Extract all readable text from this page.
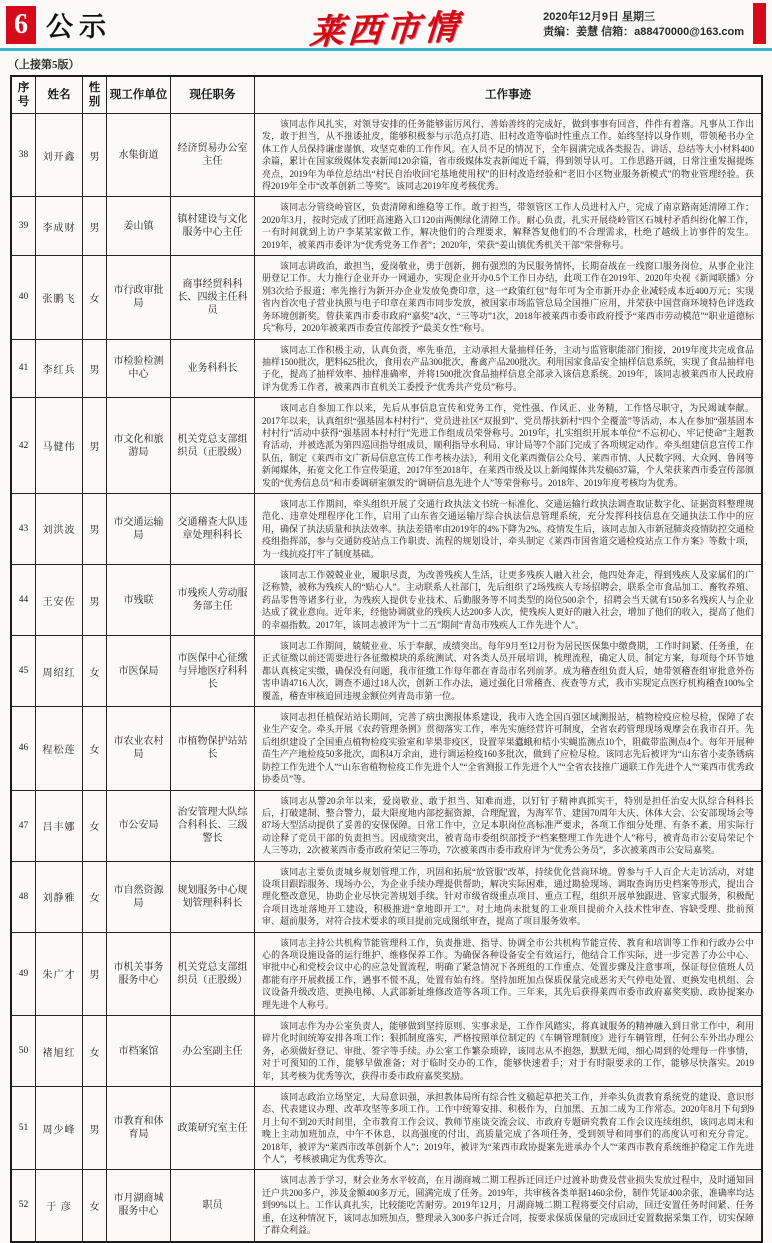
6 公示	莱西市情	2020年12月9日 星期三
责编：姜慧 信箱：a88470000@163.com
（上接第5版）
序号	姓名	性别	现工作单位	现任职务	工作事迹
38	刘开鑫	男	水集街道	经济贸易办公室主任	该同志作风扎实，对领导安排的任务能够雷厉风行、善始善终的完成好，做到事事有回音，件件有着落。凡事从工作出发，敢于担当，从不推诿扯皮，能够积极参与示范点打造、旧村改造等临时性重点工作。始终坚持以身作则，带领秘书办全体工作人员保持谦虚谨慎、攻坚克难的工作作风。在人员不足的情况下，全年圆满完成各类报告、讲话、总结等大小材料400余篇，累计在国家级媒体发表新闻120余篇，省市级媒体发表新闻近千篇，得到领导认可。工作思路开阔，日常注重发掘提炼亮点，2019年为单位总结出“村民自治收回宅基地使用权”的旧村改造经验和“老旧小区物业服务新模式”的物业管理经验。获得2019年全市“改革创新二等奖”。该同志2019年度考核优秀。

39	李成财	男	姜山镇	镇村建设与文化服务中心主任	该同志分管绕岭管区，负责清障和维稳等工作。敢于担当，带领管区工作人员进村入户，完成了南京路南延清障工作；2020年3月，按时完成了团旺高速路入口120亩两侧绿化清障工作。耐心负责，扎实开展绕岭管区石城村矛盾纠纷化解工作，一有时间就到上访户李某某家做工作，解决他们的合理要求，解释答复他们的不合理需求，杜绝了越级上访事件的发生。2019年，被莱西市委评为“优秀党务工作者”；2020年，荣获“姜山镇优秀机关干部”荣誉称号。

40	张鹏飞	女	市行政审批局	商事经贸科科长、四级主任科员	该同志讲政治，敢担当，爱岗敬业，勇于创新，拥有强烈的为民服务情怀，长期奋战在一线窗口服务岗位，从事企业注册登记工作。大力推行企业开办一网通办，实现企业开办0.5个工作日办结，此项工作在2019年、2020年央视《新闻联播》分别3次给予报道；率先推行为新开办企业发放免费印章，这一“政策红包”每年可为全市新开办企业减轻成本近400万元；实现省内首次电子营业执照与电子印章在莱西市同步发放，被国家市场监管总局全国推广应用，并荣获中国营商环境特色评选政务环境创新奖。曾获莱西市委市政府“嘉奖”4次、“三等功”1次，2018年被莱西市委市政府授予“莱西市劳动模范”“职业道德标兵”称号，2020年被莱西市委宣传部授予“最美女性”称号。

41	李红兵	男	市检验检测中心	业务科科长	该同志工作积极主动，认真负责，率先垂范，主动承担大量抽样任务，主动与监管职能部门衔接，2019年度共完成食品抽样1500批次，肥料625批次，食用农产品300批次，畜禽产品200批次。利用国家食品安全抽样信息系统，实现了食品抽样电子化，提高了抽样效率、抽样准确率，并将1500批次食品抽样信息全部录入该信息系统。2019年，该同志被莱西市人民政府评为优秀工作者，被莱西市直机关工委授予“优秀共产党员”称号。

42	马健伟	男	市文化和旅游局	机关党总支部组织员（正股级）	该同志自参加工作以来，先后从事信息宣传和党务工作，党性强、作风正、业务精，工作恪尽职守，为民竭诚奉献。2017年以来，认真组织“强基固本村村行”、党员进社区“双报到”、党员帮扶新村“四个全覆盖”等活动，本人在参加“强基固本村村行”活动中获得“强基固本村村行”先进工作组成员荣誉称号。2019年，扎实组织开展本单位“不忘初心、牢记使命”主题教育活动，并被选派为第四巡回指导组成员，顺利指导水利局、审计局等7个部门完成了各项规定动作。牵头组建信息宣传工作队伍，制定《莱西市文广新局信息宣传工作考核办法》，利用文化莱西微信公众号、莱西市情、人民数字网、大众网、鲁网等新闻媒体，拓宽文化工作宣传渠道，2017年至2018年，在莱西市级及以上新闻媒体共发稿637篇，个人荣获莱西市委宣传部颁发的“优秀信息员”和市委调研室颁发的“调研信息先进个人”等荣誉称号。2018年、2019年度考核均为优秀。

43	刘洪波	男	市交通运输局	交通稽查大队违章处理科科长	该同志工作期间，牵头组织开展了交通行政执法文书统一标准化、交通运输行政执法调查取证数字化、证据资料整理规范化、违章处理程序化工作，启用了山东省交通运输厅综合执法信息管理系统，充分发挥科技信息在交通执法工作中的应用，确保了执法质量和执法效率。执法差错率由2019年的4%下降为2%。疫情发生后，该同志加入市新冠肺炎疫情防控交通检疫组指挥部，参与交通防疫站点工作职责、流程的规划设计，牵头制定《莱西市国省道交通检疫站点工作方案》等数十项，为一线抗疫打牢了制度基础。

44	王安佐	男	市残联	市残疾人劳动服务部主任	该同志工作兢兢业业，履职尽责，为改善残疾人生活，让更多残疾人融入社会，他四处奔走，得到残疾人及家属们的广泛称赞，被称为残疾人的“贴心人”。主动联系人社部门，先后组织了2场残疾人专场招聘会，联系全市食品加工、畜牧养殖、药品零售等诸多行业，为残疾人提供专业技术、后勤服务等不同类型的岗位500余个，招聘会当天就有150多名残疾人与企业达成了就业意向。近年来，经他协调就业的残疾人达200多人次，使残疾人更好的融入社会，增加了他们的收入，提高了他们的幸福指数。2017年，该同志被评为“十二五”期间“青岛市残疾人工作先进个人”。

45	周绍红	女	市医保局	市医保中心征缴与异地医疗科科长	该同志工作期间，兢兢业业、乐于奉献，成绩突出。每年9月至12月份为居民医保集中缴费期，工作时间紧、任务重，在正式征缴以前还需要进行各征缴模块的系统测试、对各类人员开展培训，梳理流程，确定人员，制定方案，每项每个环节她都认真核定实缴，确保没有问题，我市征缴工作每年都在青岛市名列前茅。成为稽查组负责人后，她带领稽查组审批意外伤害申请4716人次，调查不通过18人次，创新工作办法，通过强化日常稽查、夜查等方式，我市实现定点医疗机构稽查100%全覆盖，稽查审核追回违规金额位列青岛市第一位。

46	程松莲	女	市农业农村局	市植物保护站站长	该同志担任植保站站长期间，完善了病虫测报体系建设，我市入选全国百强区域测报站，植物检疫应检尽检，保障了农业生产安全。牵头开展《农药管理条例》贯彻落实工作，率先实施经营许可制度，全省农药管理现场观摩会在我市召开。先后组织建设了全国重点植物检疫实验室和苹果非疫区，设置苹果蠹蛾和桔小实蝇监测点10个，阻截带监测点4个。每年开展种苗生产产地检疫50多批次，面积4万余亩，进行调运检疫160多批次，做到了应检尽检。该同志先后被评为“山东省小麦条锈病防控工作先进个人”“山东省植物检疫工作先进个人”“全省测报工作先进个人”“全省农技推广通联工作先进个人”“莱西市优秀政协委员”等。

47	吕丰娜	女	市公安局	治安管理大队综合科科长、三级警长	该同志从警20余年以来，爱岗敬业、敢于担当、知难而进，以钉钉子精神真抓实干，特别是担任治安大队综合科科长后，打破建制、整合警力，最大限度地内部挖掘资源，合理配置，为海军节、建国70周年大庆、休体大会、公安部现场会等87场大型活动提供了妥善的安保保障。日常工作中，立足本职岗位高标准严要求，各项工作细分处理、有条不紊，用实际行动诠释了党员干部的负责担当。因成绩突出，被青岛市委组织部授予“档案整理工作先进个人”称号，被青岛市公安局荣记个人三等功，2次被莱西市委市政府荣记三等功，7次被莱西市委市政府评为“优秀公务员”，多次被莱西市公安局嘉奖。

48	刘静雅	女	市自然资源局	规划服务中心规划管理科科长	该同志主要负责城乡规划管理工作，巩固和拓展“放管服”改革，持续优化营商环境。曾参与千人百企大走访活动，对建设项目跟踪服务、现场办公，为企业手续办理提供帮助，解决实际困难，通过勘验现场、调取查询历史档案等形式，提出合理化整改意见，协助企业尽快完善规划手续。针对市级省级重点项目、重点工程，组织开展单独跟进、管家式服务，积极配合项目选址落地开工建设，积极推进“拿地即开工”。对土地尚未批复的工业项目提前介入技术性审查、容缺受理、批前预审、超前服务，对符合技术要求的项目提前完成图纸审查，提高了项目服务效率。

49	朱广才	男	市机关事务服务中心	机关党总支部组织员（正股级）	该同志主持公共机构节能管理科工作，负责推进、指导、协调全市公共机构节能宣传、教育和培训等工作和行政办公中心的各项设施设备的运行维护、维修保养工作。为确保各种设备安全有效运行，他结合工作实际，进一步完善了办公中心、审批中心和党校会议中心的应急处置流程，明确了紧急情况下各班组的工作重点、处置步骤及注意事项，保证每位值班人员都能有序开展救援工作，遇事不慌不乱，处置有始有终。坚持加班加点保质保量完成恶劣天气停电处置、更换发电机组、会议设备升级改造、更换电梯、人武部新址维修改造等各项工作。三年来，其先后获得莱西市委市政府嘉奖奖励、政协提案办理先进个人称号。

50	褚旭红	女	市档案馆	办公室副主任	该同志作为办公室负责人，能够做到坚持原则、实事求是，工作作风踏实，将真诚服务的精神融入到日常工作中，利用碎片化时间统筹安排各项工作；狠抓制度落实，严格按照单位制定的《车辆管理制度》进行车辆管理，任何公车外出办理公务，必须做好登记、审批、签字等手续。办公室工作繁杂琐碎，该同志从不抱怨，默默无闻，细心周到的处理每一件事情，对于可预知的工作，能够早做准备；对于临时交办的工作，能够快速着手；对于有时限要求的工作，能够尽快落实。2019年，其考核为优秀等次，获得市委市政府嘉奖奖励。

51	周少峰	男	市教育和体育局	政策研究室主任	该同志政治立场坚定，大局意识强，承担教体局所有综合性文稿起草把关工作，并牵头负责教育系统党的建设、意识形态、代表建议办理、改革攻坚等多项工作。工作中统筹安排、积极作为，白加黑、五加二成为工作常态。2020年8月下旬到9月上旬不到20天时间里，全市教育工作会议、教师节座谈交流会议、市政府专题研究教育工作会议连续组织，该同志周末和晚上主动加班加点，中午不休息，以高强度的付出，高质量完成了各项任务，受到领导和同事们的高度认可和充分肯定。2018年，被评为“莱西市改革创新个人”；2019年，被评为“莱西市政协提案先进承办个人”“莱西市教育系统维护稳定工作先进个人”，考核被确定为优秀等次。

52	于 彦	女	市月湖商城服务中心	职员	该同志善于学习，财会业务水平较高，在月湖商城二期工程拆迁回迁户过渡补助费及营业损失发放过程中，及时通知回迁户共200多户，涉及金额400多万元，圆满完成了任务。2019年，共审核各类单据1460余份，制作凭证400余张，准确率均达到99%以上。工作认真扎实，比较能吃苦耐劳。2019年12月，月湖商城二期工程将要交付启动，回迁安置任务时间紧、任务重，在这种情况下，该同志加班加点，整理录入300多户拆迁合同，按要求保质保量的完成回迁安置数据采集工作，切实保障了群众利益。
